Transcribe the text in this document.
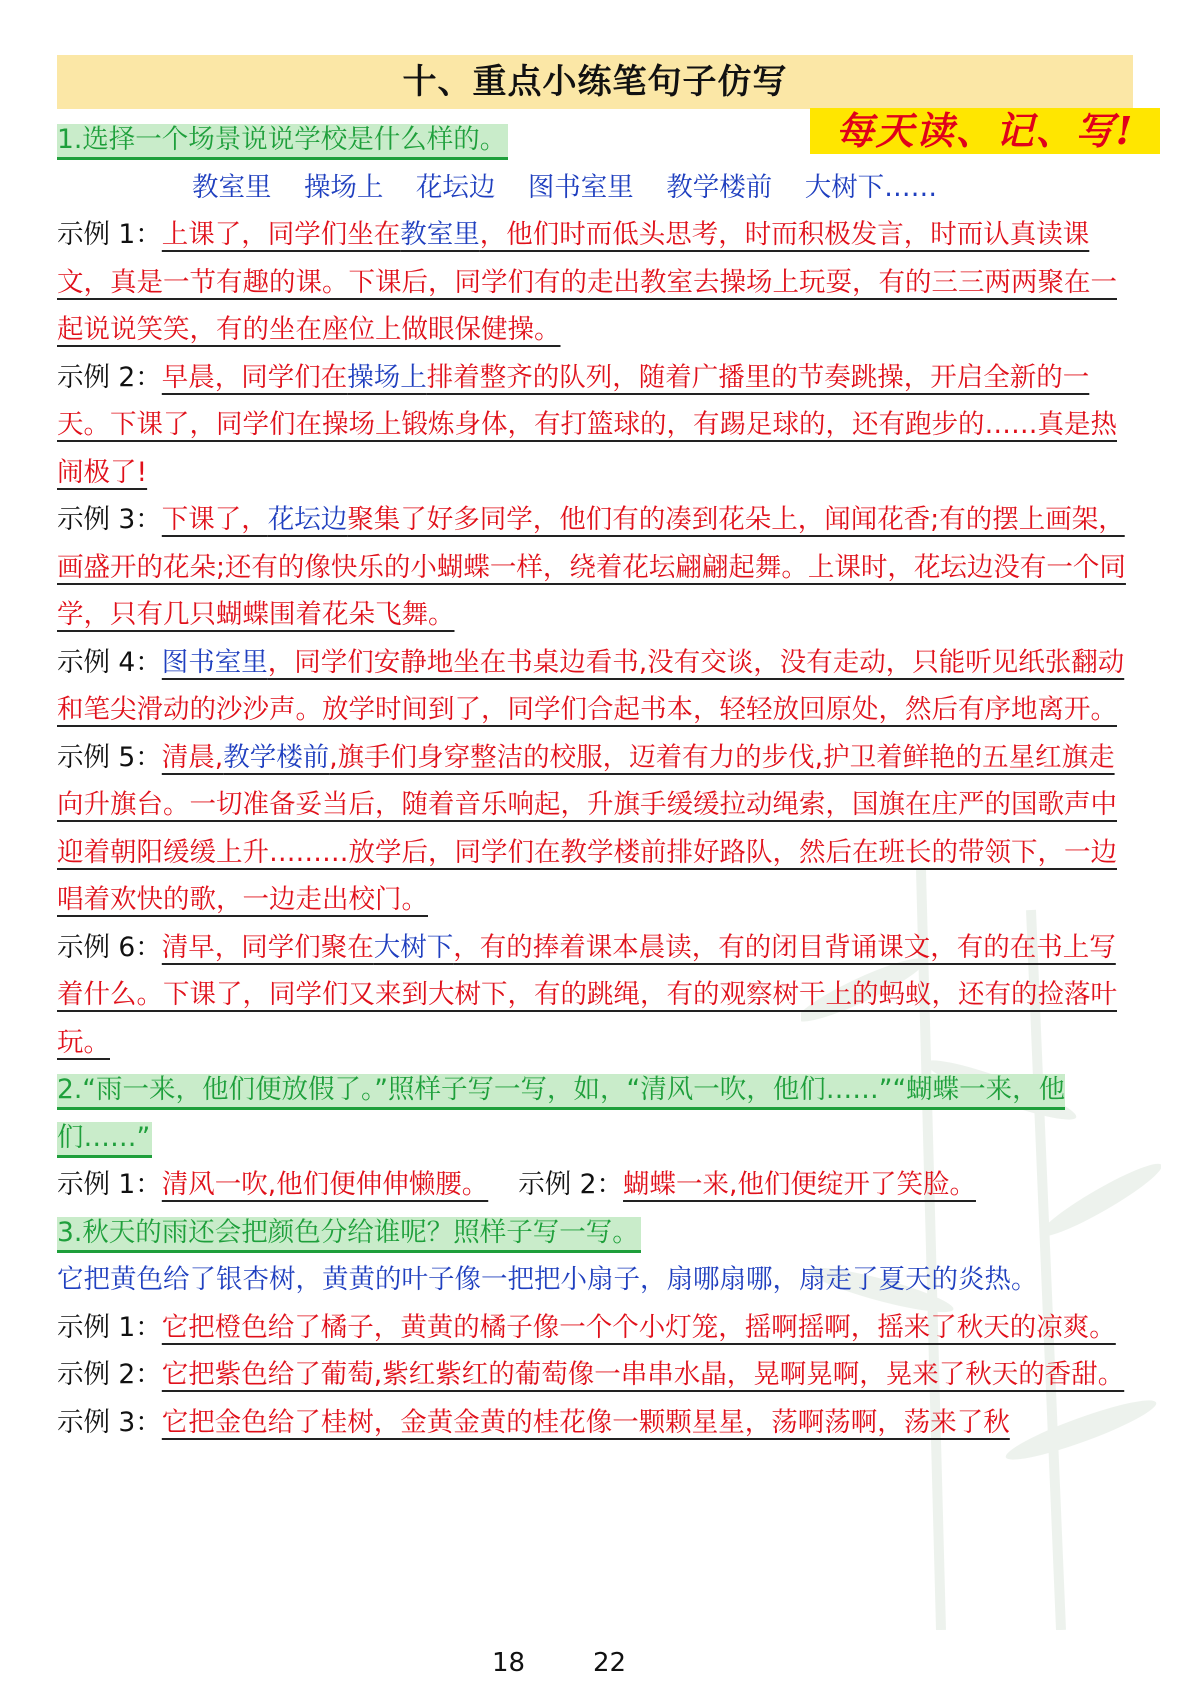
十、重点小练笔句子仿写
每天读、记、写!

1.选择一个场景说说学校是什么样的。

教室里 操场上 花坛边 图书室里 教学楼前 大树下……

示例 1：上课了，同学们坐在教室里，他们时而低头思考，时而积极发言，时而认真读课文，真是一节有趣的课。下课后，同学们有的走出教室去操场上玩耍，有的三三两两聚在一起说说笑笑，有的坐在座位上做眼保健操。

示例 2：早晨，同学们在操场上排着整齐的队列，随着广播里的节奏跳操，开启全新的一天。下课了，同学们在操场上锻炼身体，有打篮球的，有踢足球的，还有跑步的……真是热闹极了!

示例 3：下课了，花坛边聚集了好多同学，他们有的凑到花朵上，闻闻花香;有的摆上画架，画盛开的花朵;还有的像快乐的小蝴蝶一样，绕着花坛翩翩起舞。上课时，花坛边没有一个同学，只有几只蝴蝶围着花朵飞舞。

示例 4：图书室里，同学们安静地坐在书桌边看书,没有交谈，没有走动，只能听见纸张翻动和笔尖滑动的沙沙声。放学时间到了，同学们合起书本，轻轻放回原处，然后有序地离开。

示例 5：清晨,教学楼前,旗手们身穿整洁的校服，迈着有力的步伐,护卫着鲜艳的五星红旗走向升旗台。一切准备妥当后，随着音乐响起，升旗手缓缓拉动绳索，国旗在庄严的国歌声中迎着朝阳缓缓上升………放学后，同学们在教学楼前排好路队，然后在班长的带领下，一边唱着欢快的歌，一边走出校门。

示例 6：清早，同学们聚在大树下，有的捧着课本晨读，有的闭目背诵课文，有的在书上写着什么。下课了，同学们又来到大树下，有的跳绳，有的观察树干上的蚂蚁，还有的捡落叶玩。

2.“雨一来，他们便放假了。”照样子写一写，如，“清风一吹，他们……”“蝴蝶一来，他们……”

示例 1：清风一吹,他们便伸伸懒腰。 示例 2：蝴蝶一来,他们便绽开了笑脸。

3.秋天的雨还会把颜色分给谁呢？照样子写一写。

它把黄色给了银杏树，黄黄的叶子像一把把小扇子，扇哪扇哪，扇走了夏天的炎热。

示例 1：它把橙色给了橘子，黄黄的橘子像一个个小灯笼，摇啊摇啊，摇来了秋天的凉爽。

示例 2：它把紫色给了葡萄,紫红紫红的葡萄像一串串水晶，晃啊晃啊，晃来了秋天的香甜。

示例 3：它把金色给了桂树，金黄金黄的桂花像一颗颗星星，荡啊荡啊，荡来了秋

18	22
